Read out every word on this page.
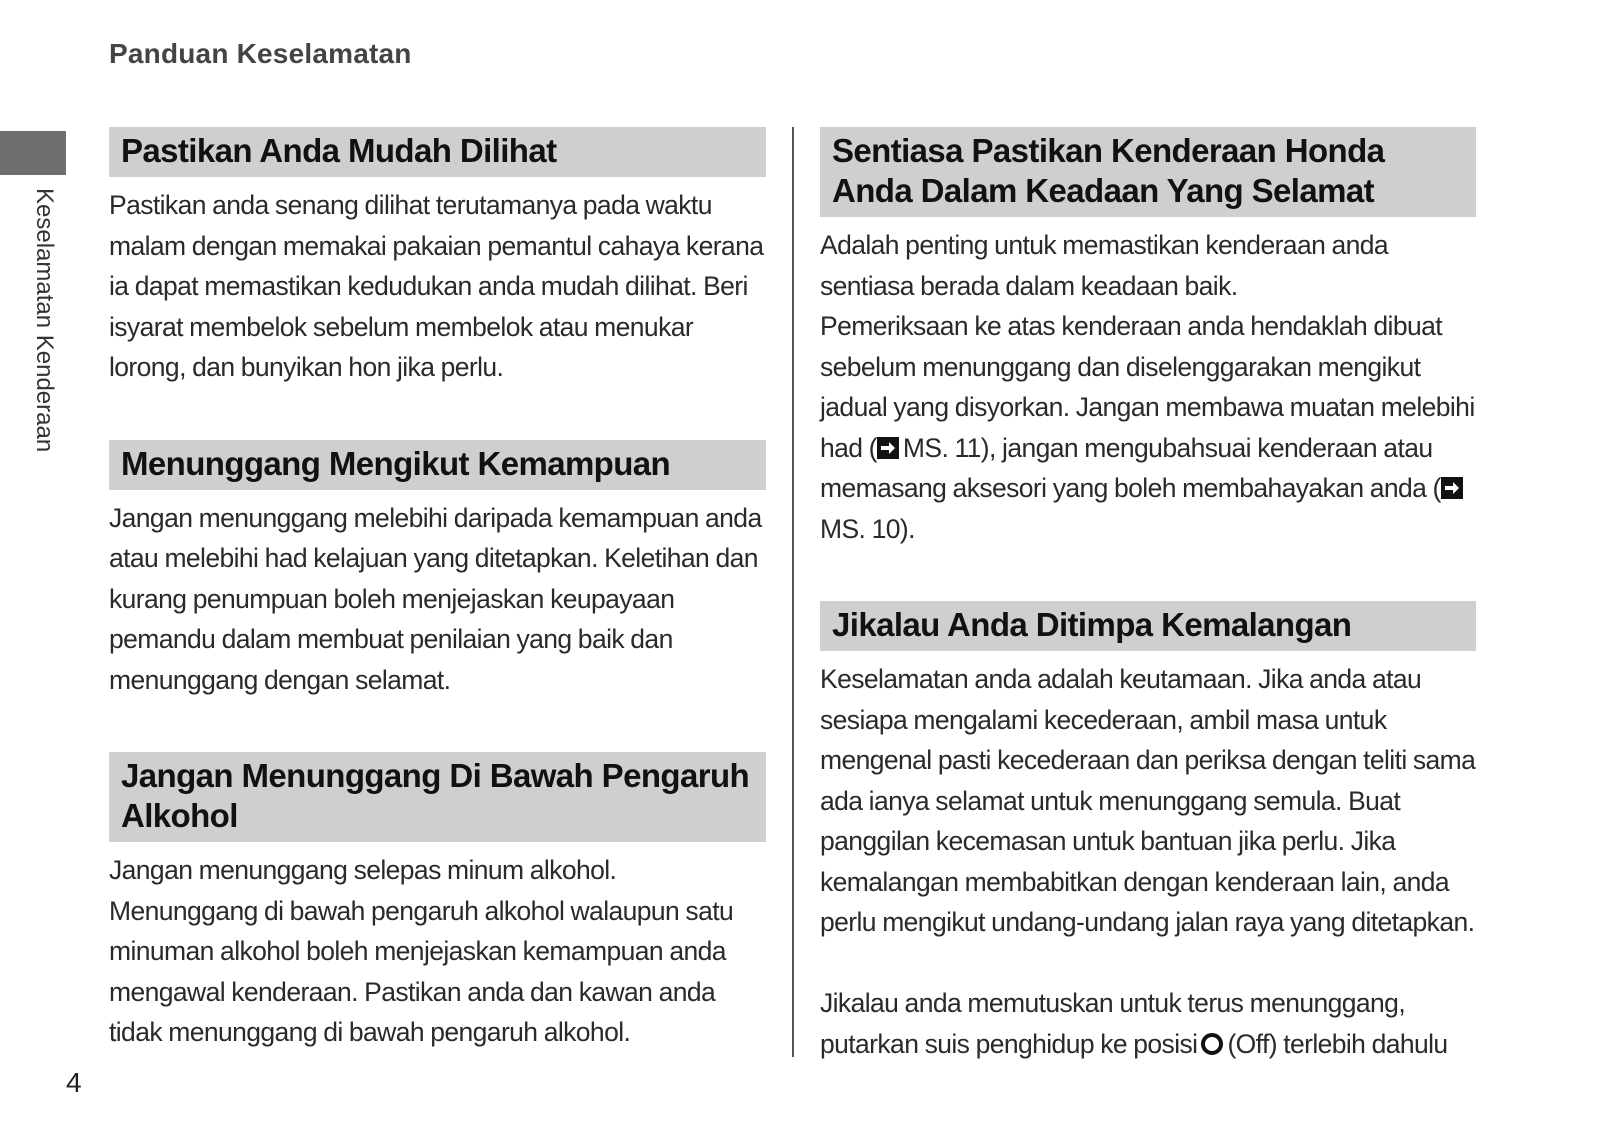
Panduan Keselamatan
Keselamatan Kenderaan
Pastikan Anda Mudah Dilihat

Pastikan anda senang dilihat terutamanya pada waktu malam dengan memakai pakaian pemantul cahaya kerana ia dapat memastikan kedudukan anda mudah dilihat. Beri isyarat membelok sebelum membelok atau menukar lorong, dan bunyikan hon jika perlu.

Menunggang Mengikut Kemampuan

Jangan menunggang melebihi daripada kemampuan anda atau melebihi had kelajuan yang ditetapkan. Keletihan dan kurang penumpuan boleh menjejaskan keupayaan pemandu dalam membuat penilaian yang baik dan menunggang dengan selamat.

Jangan Menunggang Di Bawah Pengaruh Alkohol

Jangan menunggang selepas minum alkohol. Menunggang di bawah pengaruh alkohol walaupun satu minuman alkohol boleh menjejaskan kemampuan anda mengawal kenderaan. Pastikan anda dan kawan anda tidak menunggang di bawah pengaruh alkohol.

Sentiasa Pastikan Kenderaan Honda Anda Dalam Keadaan Yang Selamat

Adalah penting untuk memastikan kenderaan anda sentiasa berada dalam keadaan baik.
Pemeriksaan ke atas kenderaan anda hendaklah dibuat sebelum menunggang dan diselenggarakan mengikut jadual yang disyorkan. Jangan membawa muatan melebihi had ( MS. 11), jangan mengubahsuai kenderaan atau memasang aksesori yang boleh membahayakan anda (
MS. 10).

Jikalau Anda Ditimpa Kemalangan

Keselamatan anda adalah keutamaan. Jika anda atau sesiapa mengalami kecederaan, ambil masa untuk mengenal pasti kecederaan dan periksa dengan teliti sama ada ianya selamat untuk menunggang semula. Buat panggilan kecemasan untuk bantuan jika perlu. Jika kemalangan membabitkan dengan kenderaan lain, anda perlu mengikut undang-undang jalan raya yang ditetapkan.
Jikalau anda memutuskan untuk terus menunggang, putarkan suis penghidup ke posisi (Off) terlebih dahulu

4
